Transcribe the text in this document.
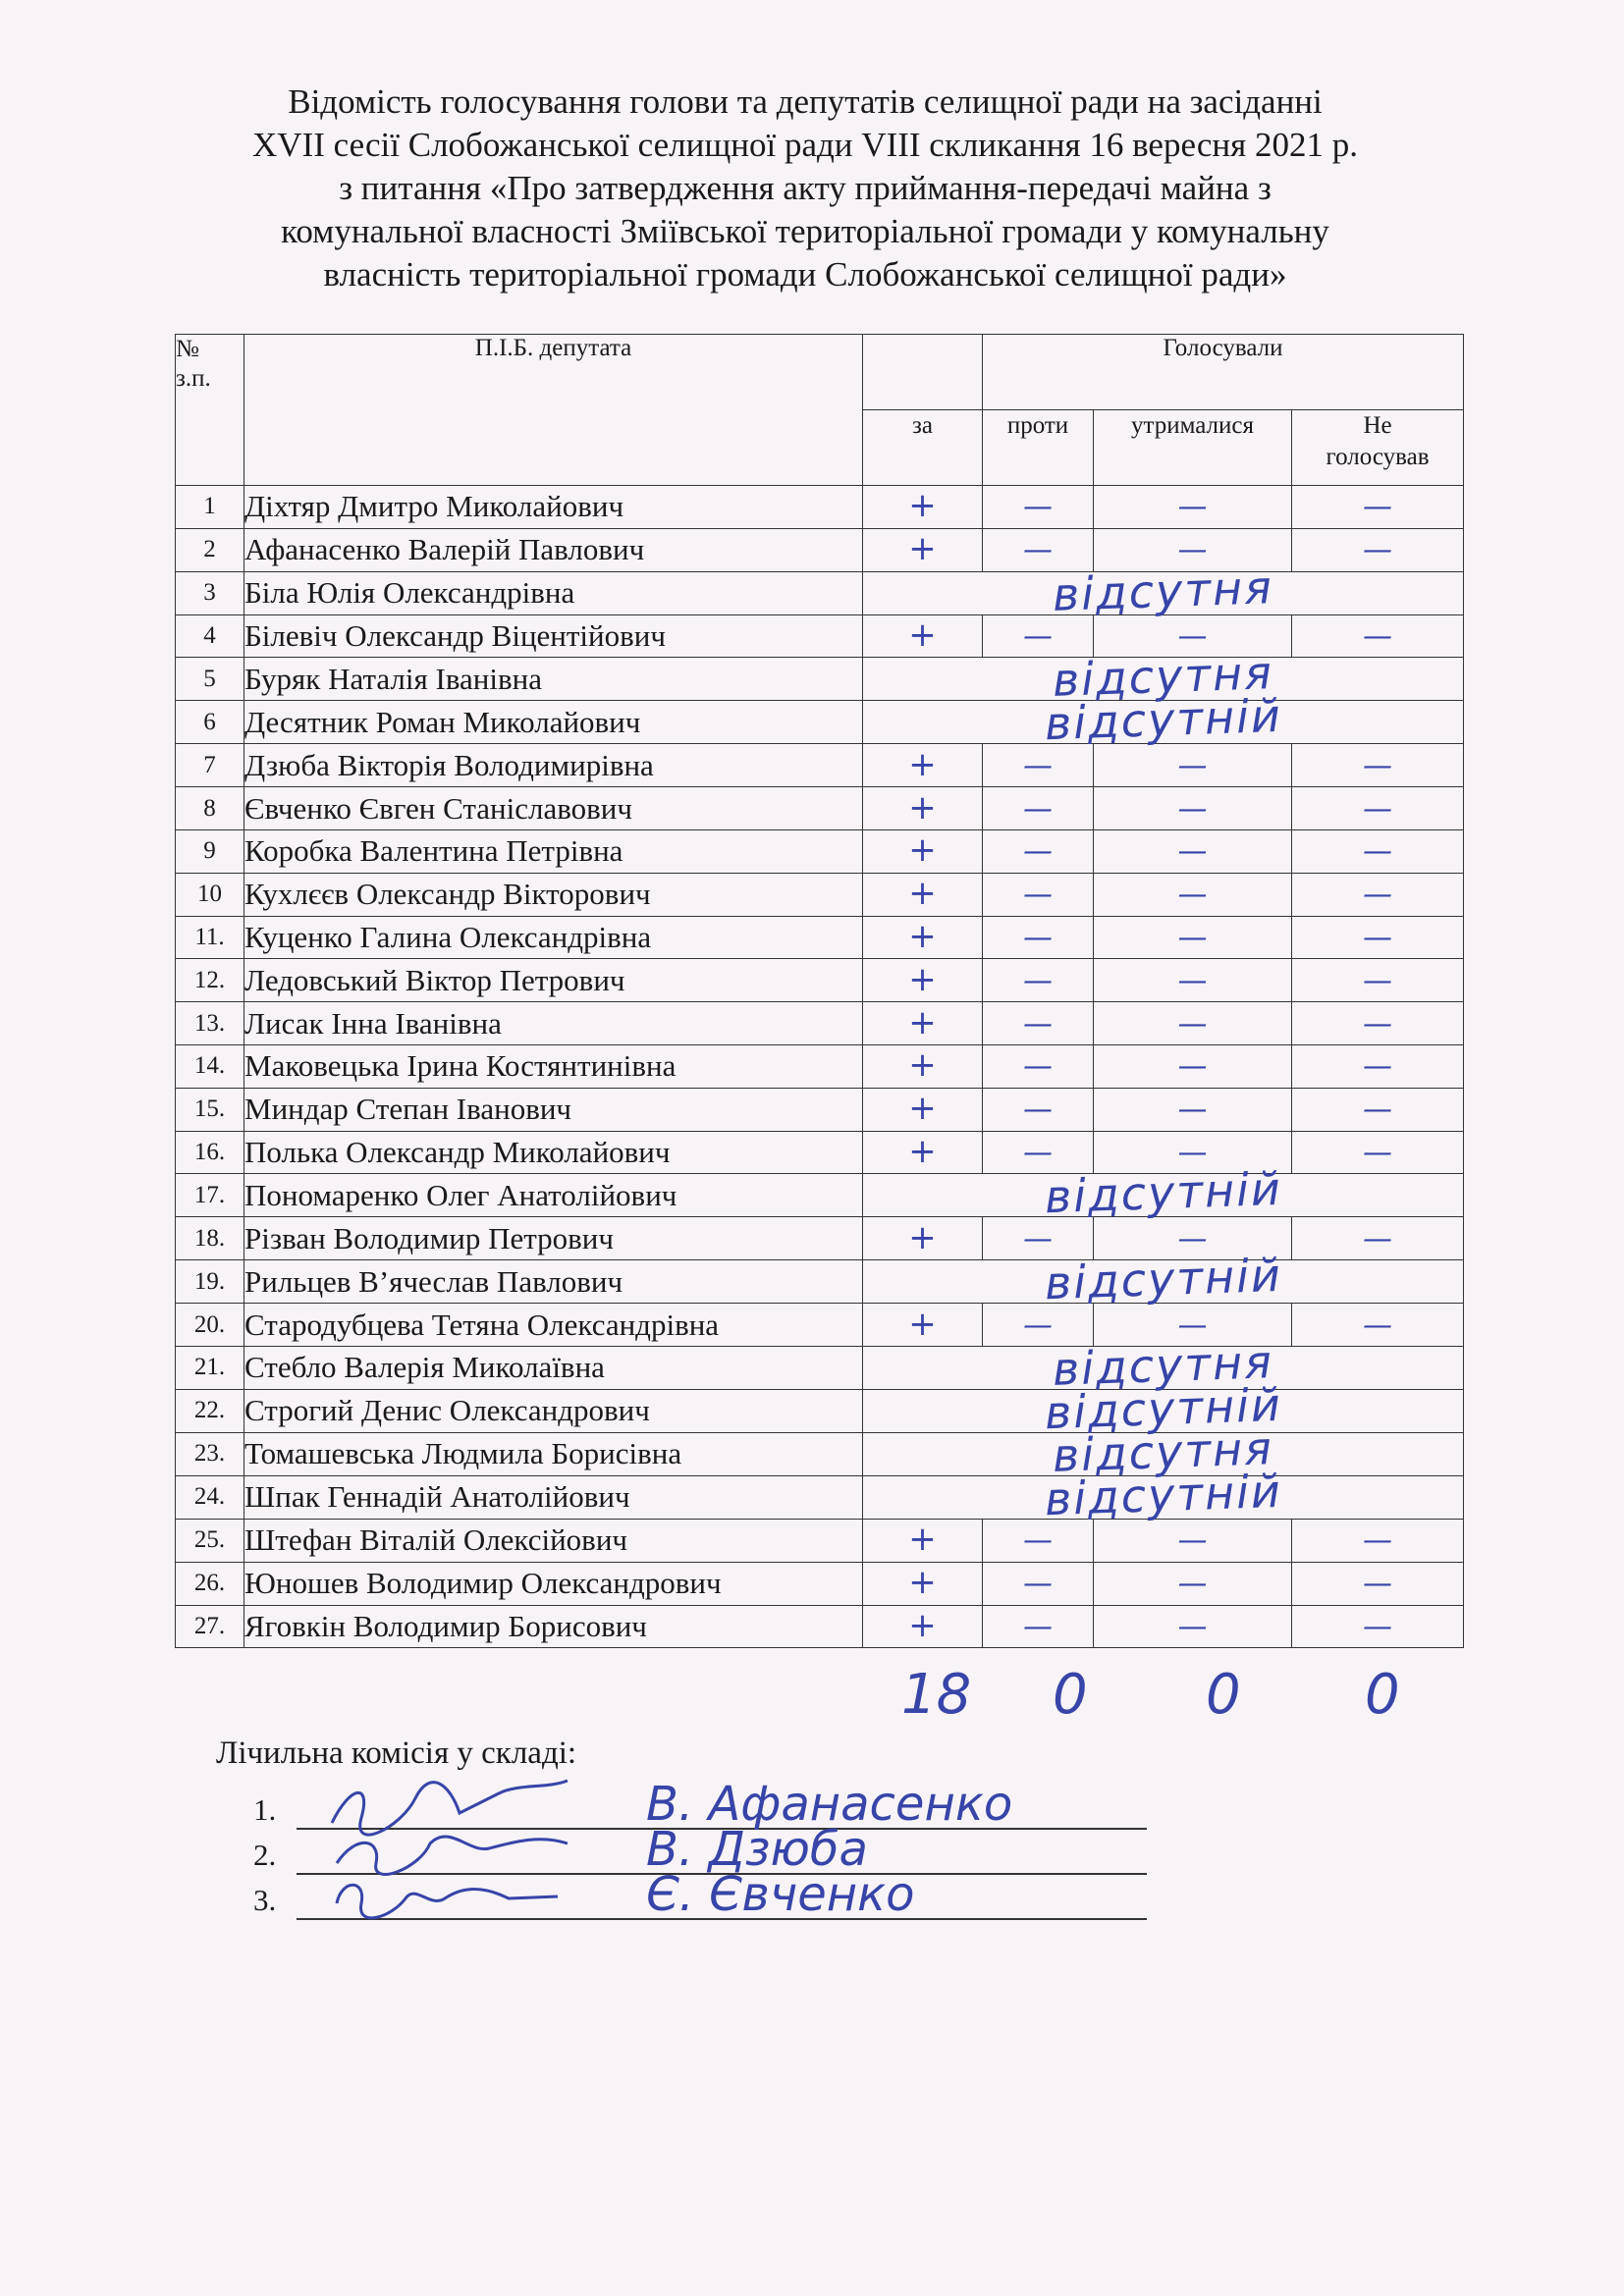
Відомість голосування голови та депутатів селищної ради на засіданні
XVII сесії Слобожанської селищної ради VIII скликання 16 вересня 2021 р.
з питання «Про затвердження акту приймання-передачі майна з
комунальної власності Зміївської територіальної громади у комунальну
власність територіальної громади Слобожанської селищної ради»
№
з.п.	П.І.Б. депутата		Голосували		
		за	проти	утрималися	Не
голосував
1	Діхтяр Дмитро Миколайович	+	—	—	—
2	Афанасенко Валерій Павлович	+	—	—	—
3	Біла Юлія Олександрівна	відсутня			
4	Білевіч Олександр Віцентійович	+	—	—	—
5	Буряк Наталія Іванівна	відсутня			
6	Десятник Роман Миколайович	відсутній			
7	Дзюба Вікторія Володимирівна	+	—	—	—
8	Євченко Євген Станіславович	+	—	—	—
9	Коробка Валентина Петрівна	+	—	—	—
10	Кухлєєв Олександр Вікторович	+	—	—	—
11.	Куценко Галина Олександрівна	+	—	—	—
12.	Ледовський Віктор Петрович	+	—	—	—
13.	Лисак Інна Іванівна	+	—	—	—
14.	Маковецька Ірина Костянтинівна	+	—	—	—
15.	Миндар Степан Іванович	+	—	—	—
16.	Полька Олександр Миколайович	+	—	—	—
17.	Пономаренко Олег Анатолійович	відсутній			
18.	Різван Володимир Петрович	+	—	—	—
19.	Рильцев В’ячеслав Павлович	відсутній			
20.	Стародубцева Тетяна Олександрівна	+	—	—	—
21.	Стебло Валерія Миколаївна	відсутня			
22.	Строгий Денис Олександрович	відсутній			
23.	Томашевська Людмила Борисівна	відсутня			
24.	Шпак Геннадій Анатолійович	відсутній			
25.	Штефан Віталій Олексійович	+	—	—	—
26.	Юношев Володимир Олександрович	+	—	—	—
27.	Яговкін Володимир Борисович	+	—	—	—
18 0 0 0
Лічильна комісія у складі:
1.	В. Афанасенко
2.	В. Дзюба
3.	Є. Євченко
